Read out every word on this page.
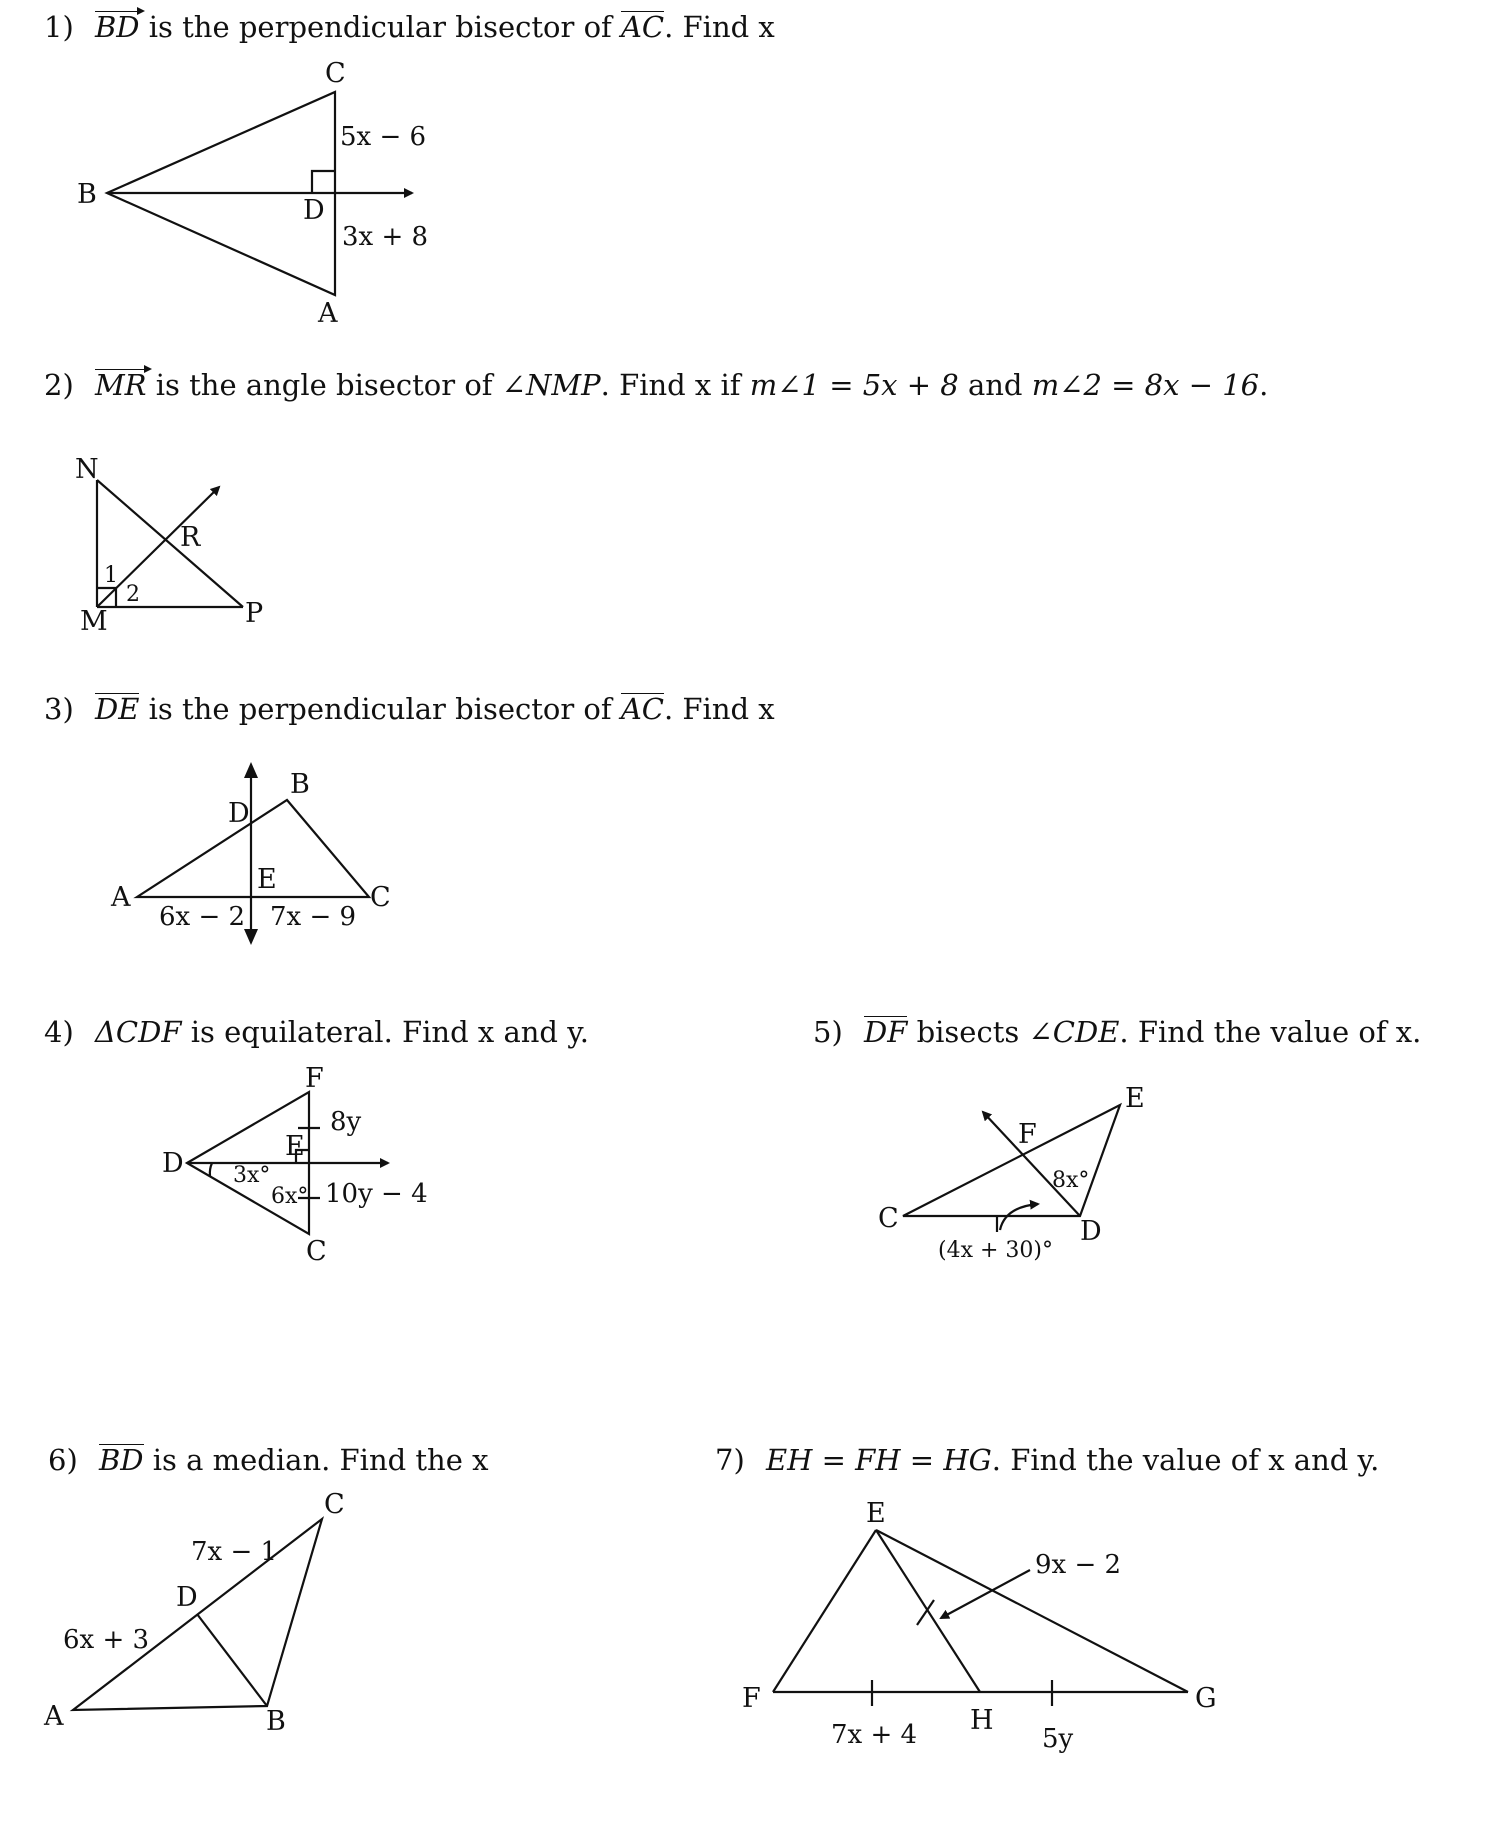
1) BD is the perpendicular bisector of AC. Find x
2) MR is the angle bisector of ∠NMP. Find x if m∠1 = 5x + 8 and m∠2 = 8x − 16.
3) DE is the perpendicular bisector of AC. Find x
4) ΔCDF is equilateral. Find x and y.	5) DF bisects ∠CDE. Find the value of x.
6) BD is a median. Find the x	7) EH = FH = HG. Find the value of x and y.
C
B
D
A
5x − 6
3x + 8
N
R
M	P
1
2
B
D
E
A	C
6x − 2 7x − 9
F
E
D
C
8y
10y − 4
3x°
6x°
E
F
C	D
8x°
(4x + 30)°
C
D
A	B
7x − 1
6x + 3
E
F
H
G
7x + 4	5y
9x − 2
